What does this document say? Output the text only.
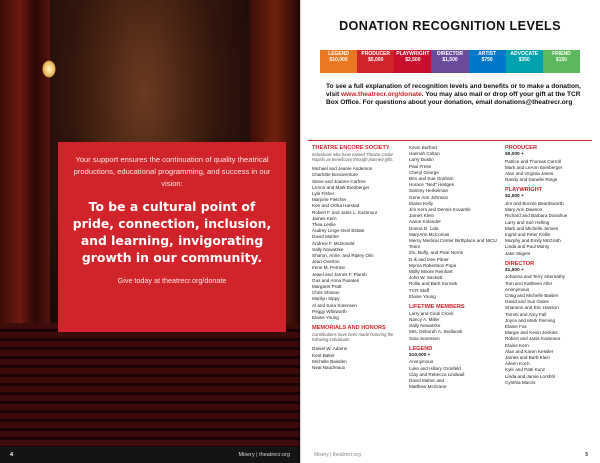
Your support ensures the continuation of quality theatrical productions, educational programming, and success in our vision:
To be a cultural point of pride, connection, inclusion, and learning, invigorating growth in our community.
Give today at theatrecr.org/donate
4	Misery | theatrecr.org
DONATION RECOGNITION LEVELS
LEGEND
$10,000
PRODUCER
$5,000
PLAYWRIGHT
$2,500
DIRECTOR
$1,500
ARTIST
$750
ADVOCATE
$350
FRIEND
$150
To see a full explanation of recognition levels and benefits or to make a donation, visit www.theatrecr.org/donate. You may also mail or drop off your gift at the TCR Box Office. For questions about your donation, email donations@theatrecr.org
THEATRE ENCORE SOCIETY
Individuals who have named Theatre Cedar Rapids as beneficiary through planned gifts.
Michael and Jeanie Anderson
Charlotte Bonaventure
Steve and Joanne Carfree
LeAnn and Mark Eienberger
Lyle Fisher
Marjorie Fletcher
Ken and Ortha Harstad
Robert F. and Janis L. Kazimour
James Kern
Thea Leslie
Audrey Linge-Ovel Estate
David Mahler
Andrew F. McDonald
Sally Nowatzke
Sharon, Anne, and Ripley Olin
Jean Overton
Irene M. Perrine
Jewel and James F. Plumb
Gus and Anna Pusateri
Margaret Pratt
Chris Shimon
Marilyn Sippy
Al and Sara Sorensen
Peggy Whitworth
Elaine Young
MEMORIALS AND HONORS
Contributions have been made honoring the following individuals:
Daniel W. Adams
Kent Baker
Michelle Baisden
Neal Naudreaux
Kevin Burford
Hannah Coltan
Larry Dustin
Paul Frese
Cheryl George
Ben and Sue Graham
Horace "Ned" Hedges
Sammy Herkelman
Gene Ann Johnson
Elaine Kelly
Jim Kern and Dennis Kovarski
James Klein
Aaron Kolander
Donna D. Lala
MaryAnn McComas
Mercy Medical Center Birthplace and NICU Team
Zin, Buffy, and Pixie Norris
D.ik and Dee Pitner
Myrna Robertson Popa
Molly Moore Reinhart
John W. Sackett
Rollie and Barb Sonnek
TCR Staff
Elaine Young
LIFETIME MEMBERS
Larry and Cindi Crock
Nancy A. Miller
Sally Nowatzke
Mrs. Deborah A. Sedlacek
Sara Sorensen
LEGEND
$10,000 +
Anonymous
Luke and Hillary Gronfeld
Clay and Rebecca Lindwall
David Maher and
Matthew McGrane
PRODUCER
$5,000 +
Patrice and Thomas Carroll
Mark and LeAnn Eienberger
Alan and Virginia Janes
Randy and Danelle Rings
PLAYWRIGHT
$2,500 +
Jim and Bonnie Beardsworth
Mary Ann Dawson
Richard and Barbara Donahue
Larry and Sue Helling
Mark and Michelle Jensen
Ingrid and Peter Kollin
Murphy and Emily McGrath
Linda and Paul Muhly
Jake Stigers
DIRECTOR
$1,500 +
Johanna and Terry Abernathy
Tom and Kathleen Aller
Anonymous
Craig and Michelle Baisier
David and Sue Gates
Shannon and Eric Hanson
Tommi and Amy Fall
Joyce and Mark Fleming
Elaine Fox
Margie and Kevin Jenkins
Robert and Janis Kazimour
Elaine Kern
Alan and Karen Kessler
James and Barb Klein
Aileen Koch
Kyle and Patti Kunz
Linda and Jamie Lorsbhl
Cynthia Macris
Misery | theatrecr.org	5
